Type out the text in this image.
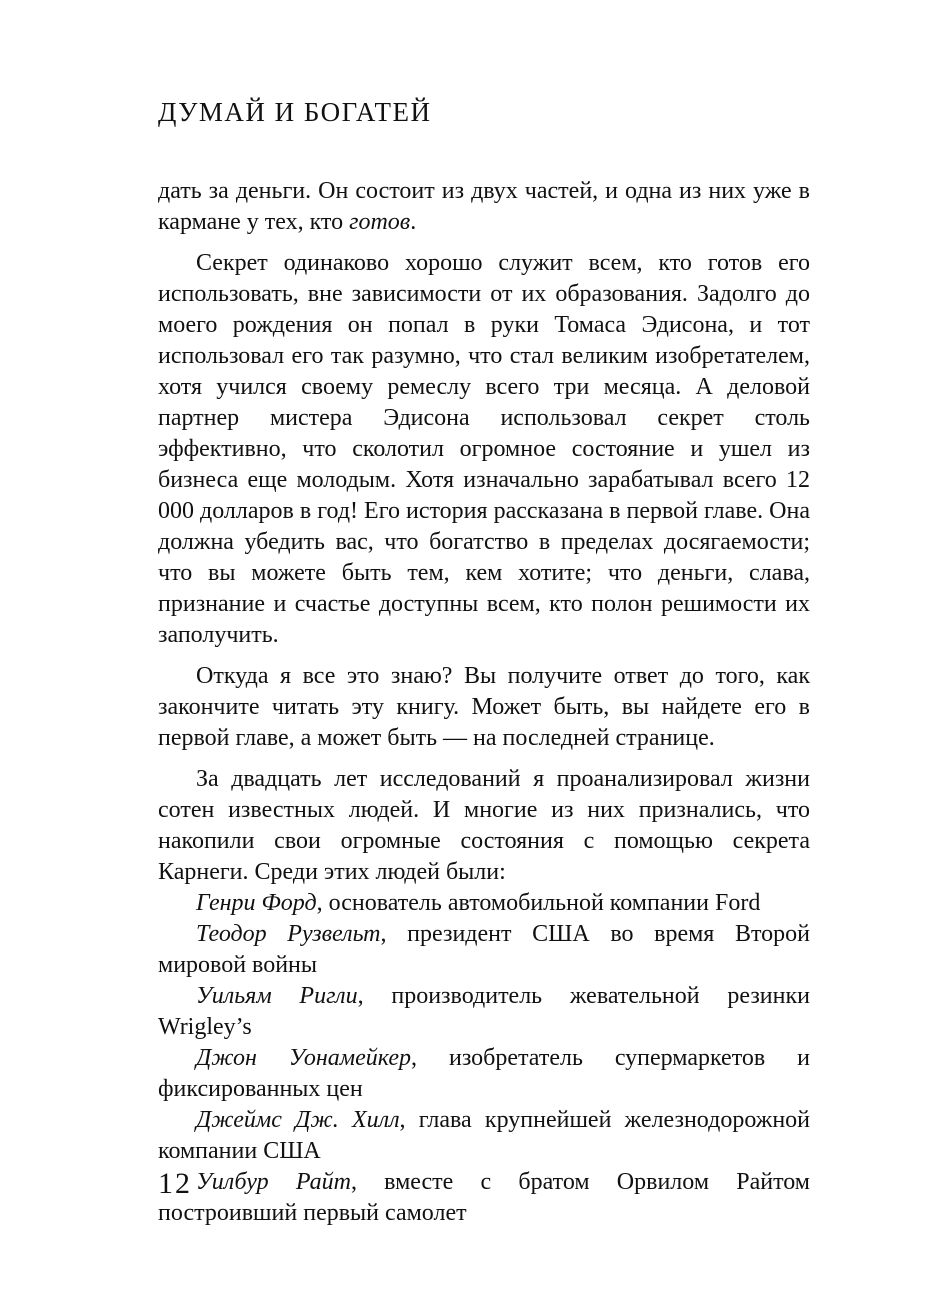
ДУМАЙ И БОГАТЕЙ

дать за деньги. Он состоит из двух частей, и одна из них уже в кармане у тех, кто готов.

Секрет одинаково хорошо служит всем, кто готов его использовать, вне зависимости от их образования. Задолго до моего рождения он попал в руки Томаса Эдисона, и тот использовал его так разумно, что стал великим изобретателем, хотя учился своему ремеслу всего три месяца. А деловой партнер мистера Эдисона использовал секрет столь эффективно, что сколотил огромное состояние и ушел из бизнеса еще молодым. Хотя изначально зарабатывал всего 12 000 долларов в год! Его история рассказана в первой главе. Она должна убедить вас, что богатство в пределах досягаемости; что вы можете быть тем, кем хотите; что деньги, слава, признание и счастье доступны всем, кто полон решимости их заполучить.

Откуда я все это знаю? Вы получите ответ до того, как закончите читать эту книгу. Может быть, вы найдете его в первой главе, а может быть — на последней странице.

За двадцать лет исследований я проанализировал жизни сотен известных людей. И многие из них признались, что накопили свои огромные состояния с помощью секрета Карнеги. Среди этих людей были:

Генри Форд, основатель автомобильной компании Ford

Теодор Рузвельт, президент США во время Второй мировой войны

Уильям Ригли, производитель жевательной резинки Wrigley’s

Джон Уонамейкер, изобретатель супермаркетов и фиксированных цен

Джеймс Дж. Хилл, глава крупнейшей железнодорожной компании США

Уилбур Райт, вместе с братом Орвилом Райтом построивший первый самолет

12
